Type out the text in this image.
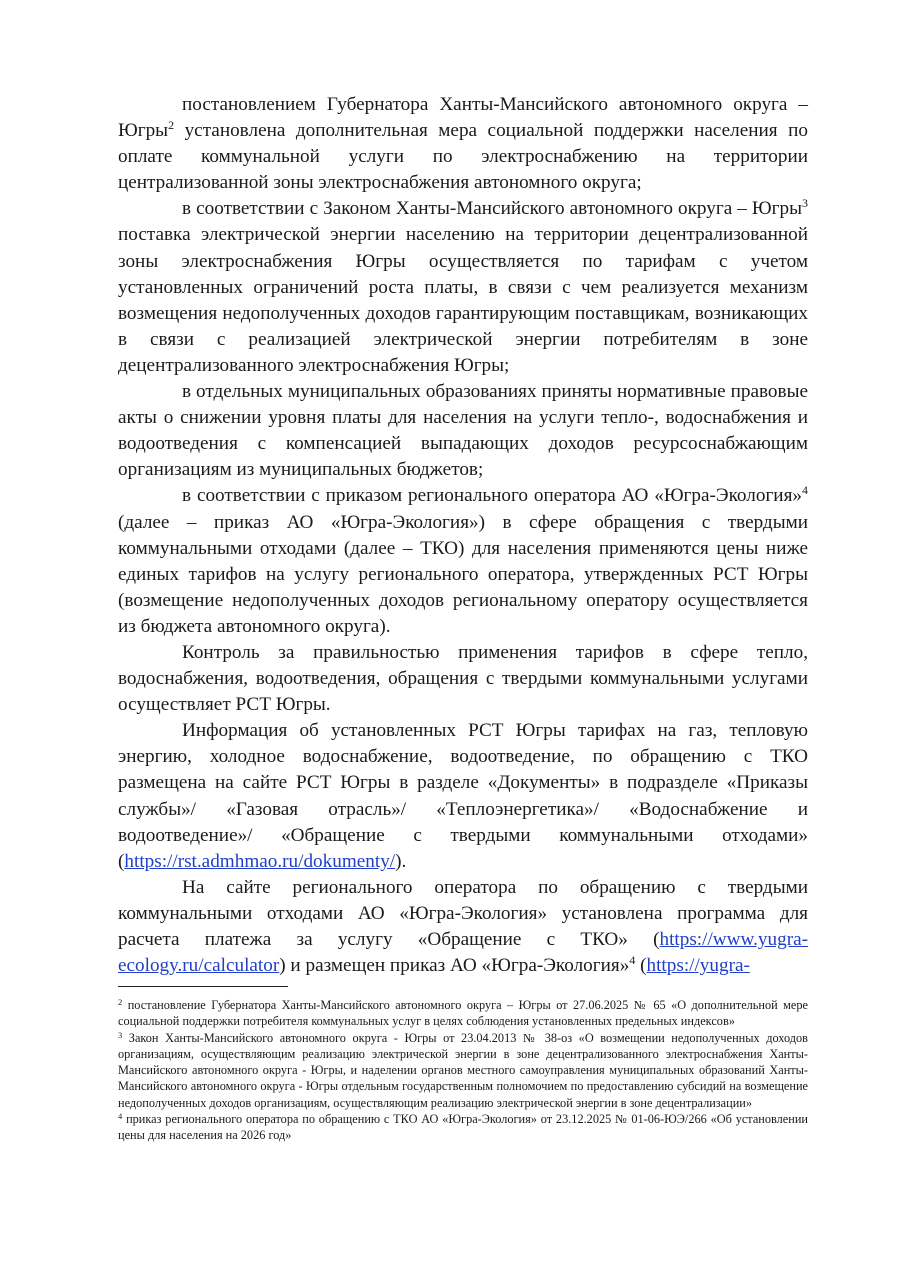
постановлением Губернатора Ханты-Мансийского автономного округа – Югры$^2$ установлена дополнительная мера социальной поддержки населения по оплате коммунальной услуги по электроснабжению на территории централизованной зоны электроснабжения автономного округа;

в соответствии с Законом Ханты-Мансийского автономного округа – Югры$^3$ поставка электрической энергии населению на территории децентрализованной зоны электроснабжения Югры осуществляется по тарифам с учетом установленных ограничений роста платы, в связи с чем реализуется механизм возмещения недополученных доходов гарантирующим поставщикам, возникающих в связи с реализацией электрической энергии потребителям в зоне децентрализованного электроснабжения Югры;

в отдельных муниципальных образованиях приняты нормативные правовые акты о снижении уровня платы для населения на услуги тепло-, водоснабжения и водоотведения с компенсацией выпадающих доходов ресурсоснабжающим организациям из муниципальных бюджетов;

в соответствии с приказом регионального оператора АО «Югра-Экология»$^4$ (далее – приказ АО «Югра-Экология») в сфере обращения с твердыми коммунальными отходами (далее – ТКО) для населения применяются цены ниже единых тарифов на услугу регионального оператора, утвержденных РСТ Югры (возмещение недополученных доходов региональному оператору осуществляется из бюджета автономного округа).

Контроль за правильностью применения тарифов в сфере тепло, водоснабжения, водоотведения, обращения с твердыми коммунальными услугами осуществляет РСТ Югры.

Информация об установленных РСТ Югры тарифах на газ, тепловую энергию, холодное водоснабжение, водоотведение, по обращению с ТКО размещена на сайте РСТ Югры в разделе «Документы» в подразделе «Приказы службы»/ «Газовая отрасль»/ «Теплоэнергетика»/ «Водоснабжение и водоотведение»/ «Обращение с твердыми коммунальными отходами» (https://rst.admhmao.ru/dokumenty/).

На сайте регионального оператора по обращению с твердыми коммунальными отходами АО «Югра-Экология» установлена программа для расчета платежа за услугу «Обращение с ТКО» (https://www.yugra-ecology.ru/calculator) и размещен приказ АО «Югра-Экология»$^4$ (https://yugra-

$^2$ постановление Губернатора Ханты-Мансийского автономного округа – Югры от 27.06.2025 № 65 «О дополнительной мере социальной поддержки потребителя коммунальных услуг в целях соблюдения установленных предельных индексов»

$^3$ Закон Ханты-Мансийского автономного округа - Югры от 23.04.2013 № 38-оз «О возмещении недополученных доходов организациям, осуществляющим реализацию электрической энергии в зоне децентрализованного электроснабжения Ханты-Мансийского автономного округа - Югры, и наделении органов местного самоуправления муниципальных образований Ханты-Мансийского автономного округа - Югры отдельным государственным полномочием по предоставлению субсидий на возмещение недополученных доходов организациям, осуществляющим реализацию электрической энергии в зоне децентрализации»

$^4$ приказ регионального оператора по обращению с ТКО АО «Югра-Экология» от 23.12.2025 № 01-06-ЮЭ/266 «Об установлении цены для населения на 2026 год»
